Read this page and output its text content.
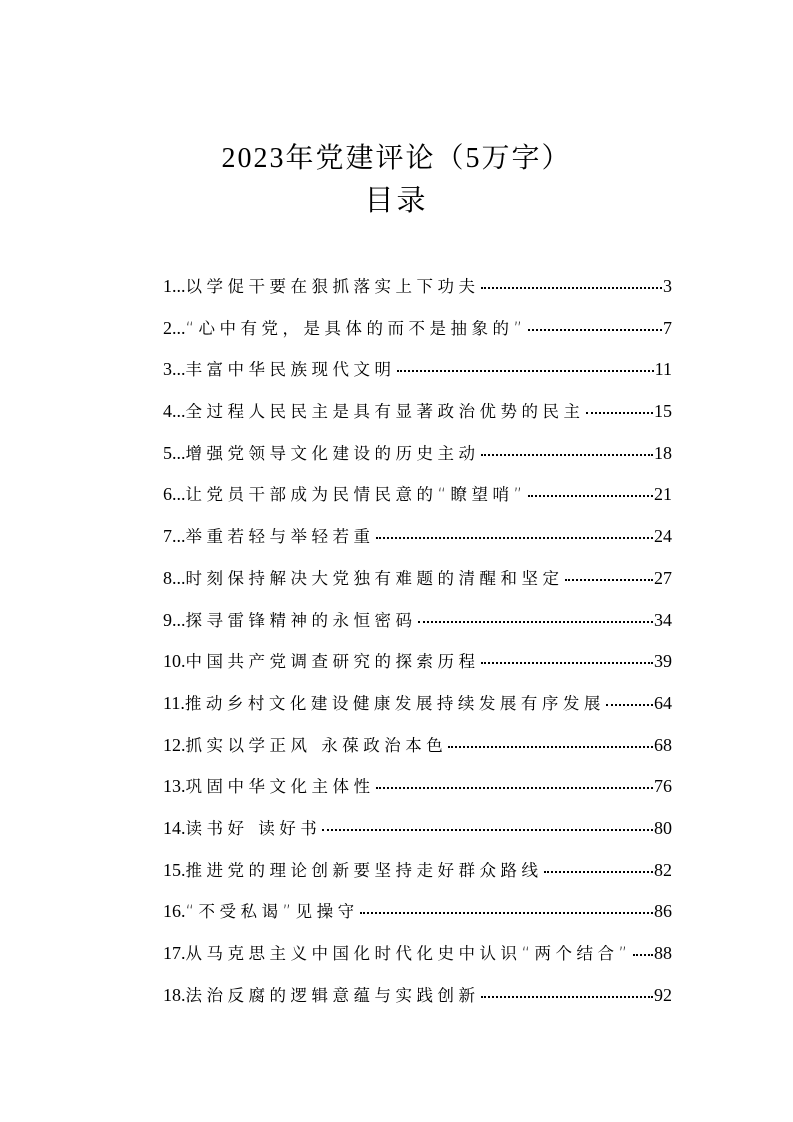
2023年党建评论（5万字）
目录
1... 以学促干要在狠抓落实上下功夫	3
2... “心中有党，是具体的而不是抽象的”	7
3... 丰富中华民族现代文明	11
4... 全过程人民民主是具有显著政治优势的民主	15
5... 增强党领导文化建设的历史主动	18
6... 让党员干部成为民情民意的“瞭望哨”	21
7... 举重若轻与举轻若重	24
8... 时刻保持解决大党独有难题的清醒和坚定	27
9... 探寻雷锋精神的永恒密码	34
10. 中国共产党调查研究的探索历程	39
11. 推动乡村文化建设健康发展持续发展有序发展	64
12. 抓实以学正风 永葆政治本色	68
13. 巩固中华文化主体性	76
14. 读书好 读好书	80
15. 推进党的理论创新要坚持走好群众路线	82
16. “不受私谒”见操守	86
17. 从马克思主义中国化时代化史中认识“两个结合” 88
18. 法治反腐的逻辑意蕴与实践创新	92
